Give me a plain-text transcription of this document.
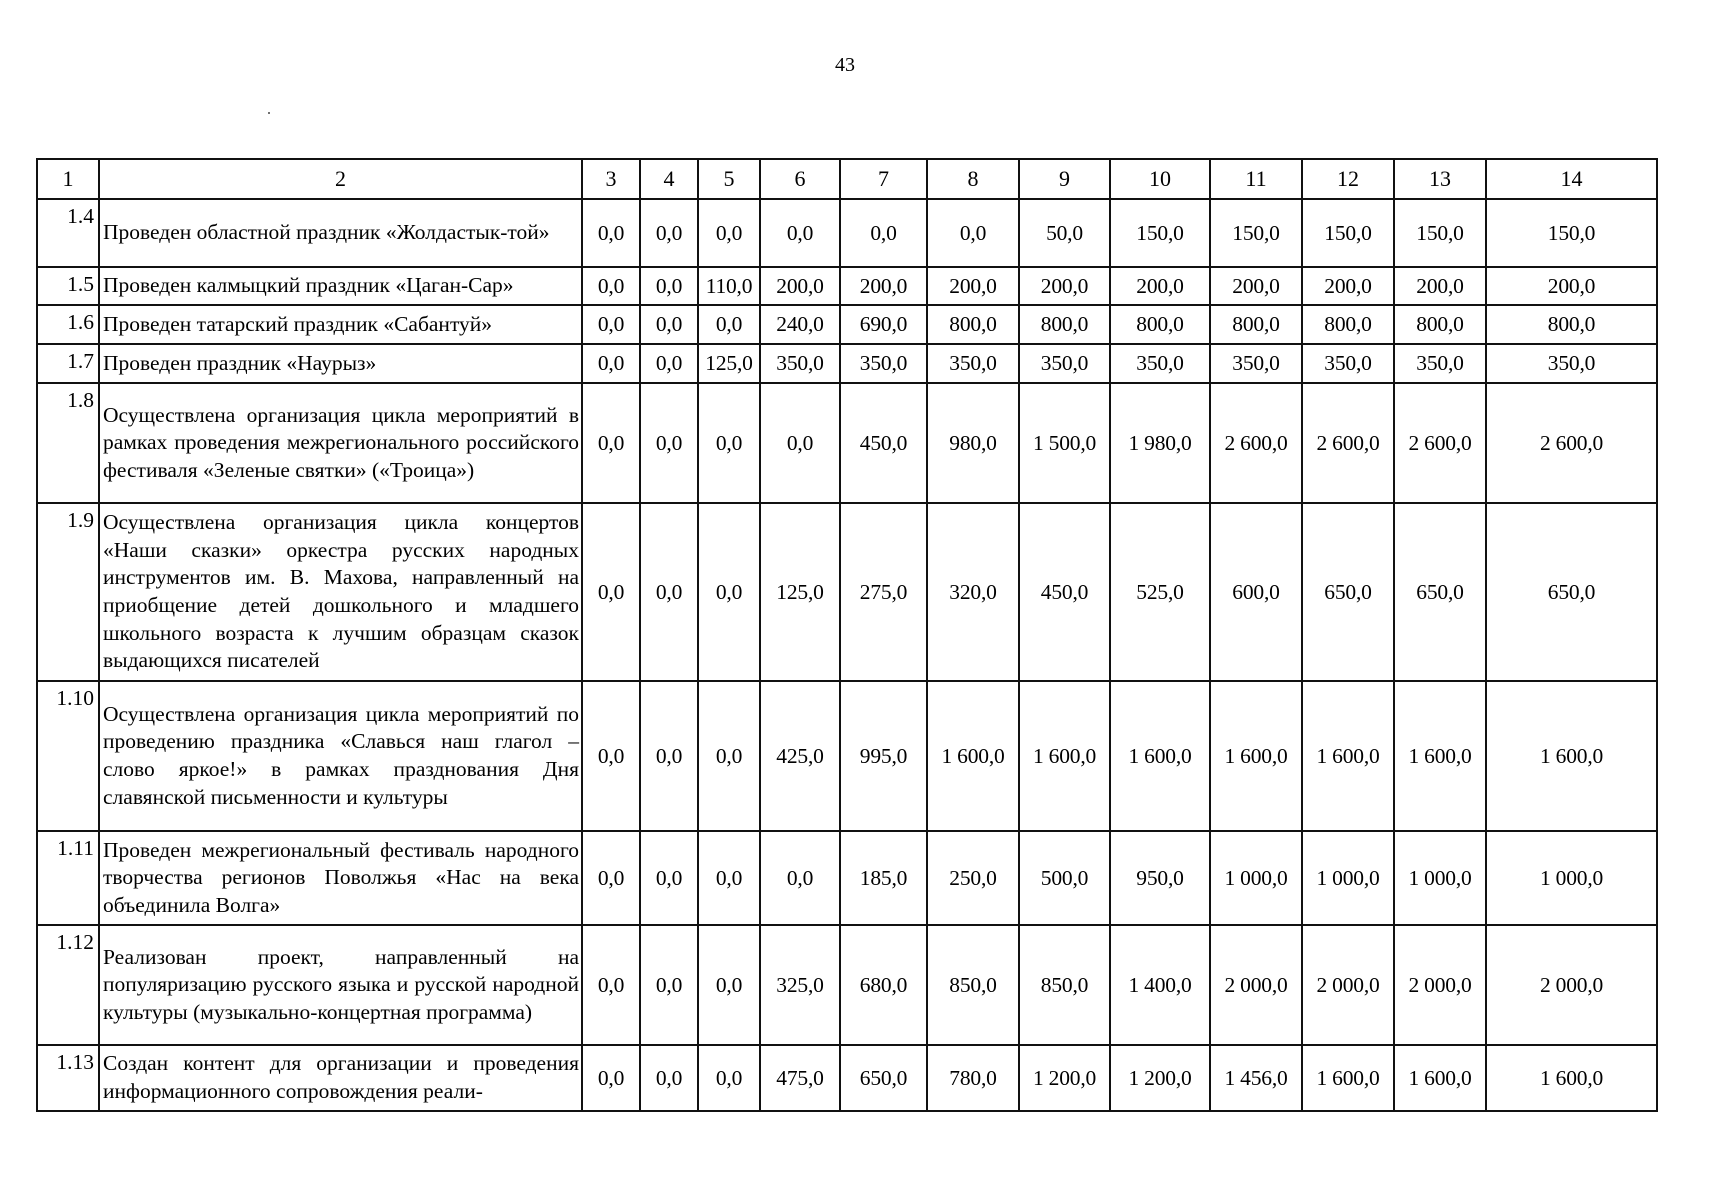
43
1	2	3	4	5	6	7	8	9	10	11	12	13	14
1.4	Проведен областной праздник «Жолдастык-той»	0,0	0,0	0,0	0,0	0,0	0,0	50,0	150,0	150,0	150,0	150,0	150,0
1.5	Проведен калмыцкий праздник «Цаган-Сар»	0,0	0,0	110,0	200,0	200,0	200,0	200,0	200,0	200,0	200,0	200,0	200,0
1.6	Проведен татарский праздник «Сабантуй»	0,0	0,0	0,0	240,0	690,0	800,0	800,0	800,0	800,0	800,0	800,0	800,0
1.7	Проведен праздник «Наурыз»	0,0	0,0	125,0	350,0	350,0	350,0	350,0	350,0	350,0	350,0	350,0	350,0
1.8	Осуществлена организация цикла мероприятий в рамках проведения межрегионального российского фестиваля «Зеленые святки» («Троица»)	0,0	0,0	0,0	0,0	450,0	980,0	1 500,0	1 980,0	2 600,0	2 600,0	2 600,0	2 600,0
1.9	Осуществлена организация цикла концертов «Наши сказки» оркестра русских народных инструментов им. В. Махова, направленный на приобщение детей дошкольного и младшего школьного возраста к лучшим образцам сказок выдающихся писателей	0,0	0,0	0,0	125,0	275,0	320,0	450,0	525,0	600,0	650,0	650,0	650,0
1.10	Осуществлена организация цикла мероприятий по проведению праздника «Славься наш глагол – слово яркое!» в рамках празднования Дня славянской письменности и культуры	0,0	0,0	0,0	425,0	995,0	1 600,0	1 600,0	1 600,0	1 600,0	1 600,0	1 600,0	1 600,0
1.11	Проведен межрегиональный фестиваль народного творчества регионов Поволжья «Нас на века объединила Волга»	0,0	0,0	0,0	0,0	185,0	250,0	500,0	950,0	1 000,0	1 000,0	1 000,0	1 000,0
1.12	Реализован проект, направленный на популяризацию русского языка и русской народной культуры (музыкально-концертная программа)	0,0	0,0	0,0	325,0	680,0	850,0	850,0	1 400,0	2 000,0	2 000,0	2 000,0	2 000,0
1.13	Создан контент для организации и проведения информационного сопровождения реали-	0,0	0,0	0,0	475,0	650,0	780,0	1 200,0	1 200,0	1 456,0	1 600,0	1 600,0	1 600,0
